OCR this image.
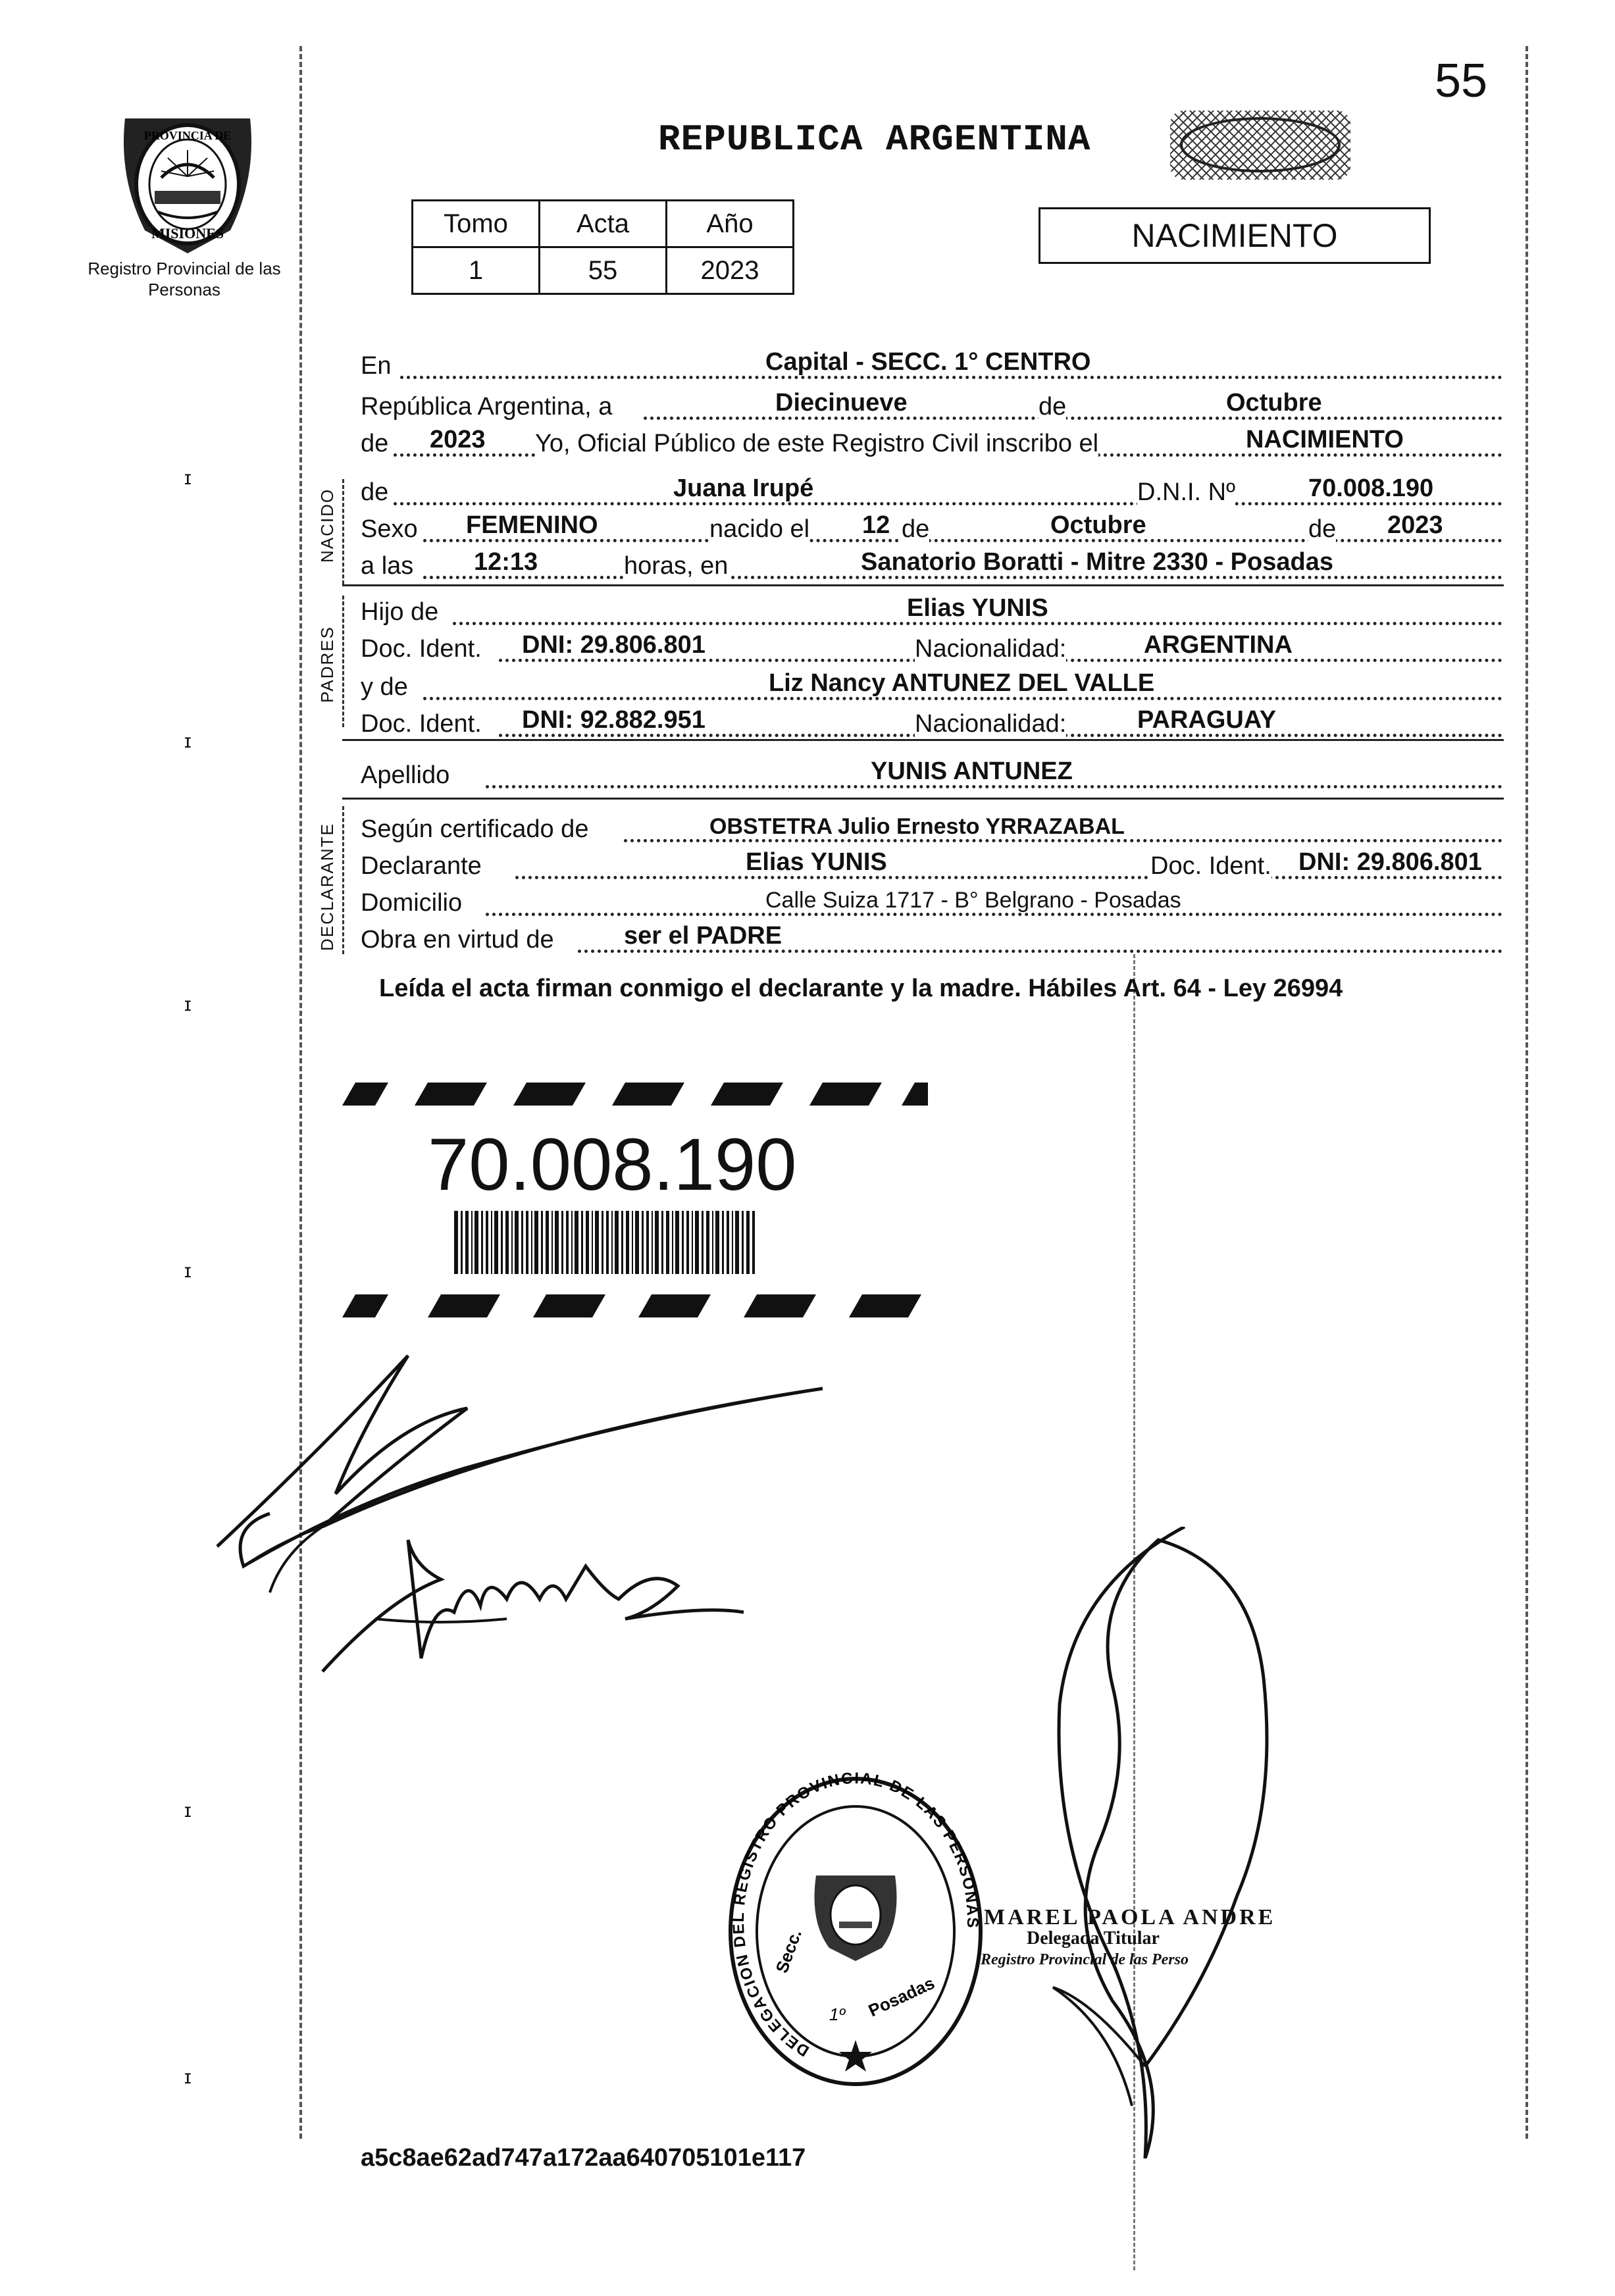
ɪ
ɪ
ɪ
ɪ
ɪ
ɪ
PROVINCIA DE
MISIONES
Registro Provincial de las Personas
55
REPUBLICA ARGENTINA
Tomo	Acta	Año
1	55	2023
NACIMIENTO
En	Capital - SECC. 1° CENTRO
República Argentina, a	Diecinueve	de	Octubre
de 2023 Yo, Oficial Público de este Registro Civil inscribo el	NACIMIENTO
NACIDO de	Juana Irupé	D.N.I. Nº	70.008.190
Sexo FEMENINO	nacido el 12 de	Octubre	de 2023
a las 12:13	horas, en	Sanatorio Boratti - Mitre 2330 - Posadas
PADRES
Hijo de	Elias YUNIS
Doc. Ident. DNI: 29.806.801	Nacionalidad:	ARGENTINA
y de	Liz Nancy ANTUNEZ DEL VALLE
Doc. Ident. DNI: 92.882.951	Nacionalidad:	PARAGUAY
Apellido	YUNIS ANTUNEZ
DECLARANTE Según certificado de	OBSTETRA Julio Ernesto YRRAZABAL
Declarante	Elias YUNIS	Doc. Ident. DNI: 29.806.801
Domicilio	Calle Suiza 1717 - B° Belgrano - Posadas
Obra en virtud de	ser el PADRE
Leída el acta firman conmigo el declarante y la madre. Hábiles Art. 64 - Ley 26994
70.008.190
DELEGACION DEL REGISTRO PROVINCIAL DE LAS PERSONAS
Secc.
1º Posadas
MAREL PAOLA ANDRE
Delegada Titular
Registro Provincial de las Perso
a5c8ae62ad747a172aa640705101e117
